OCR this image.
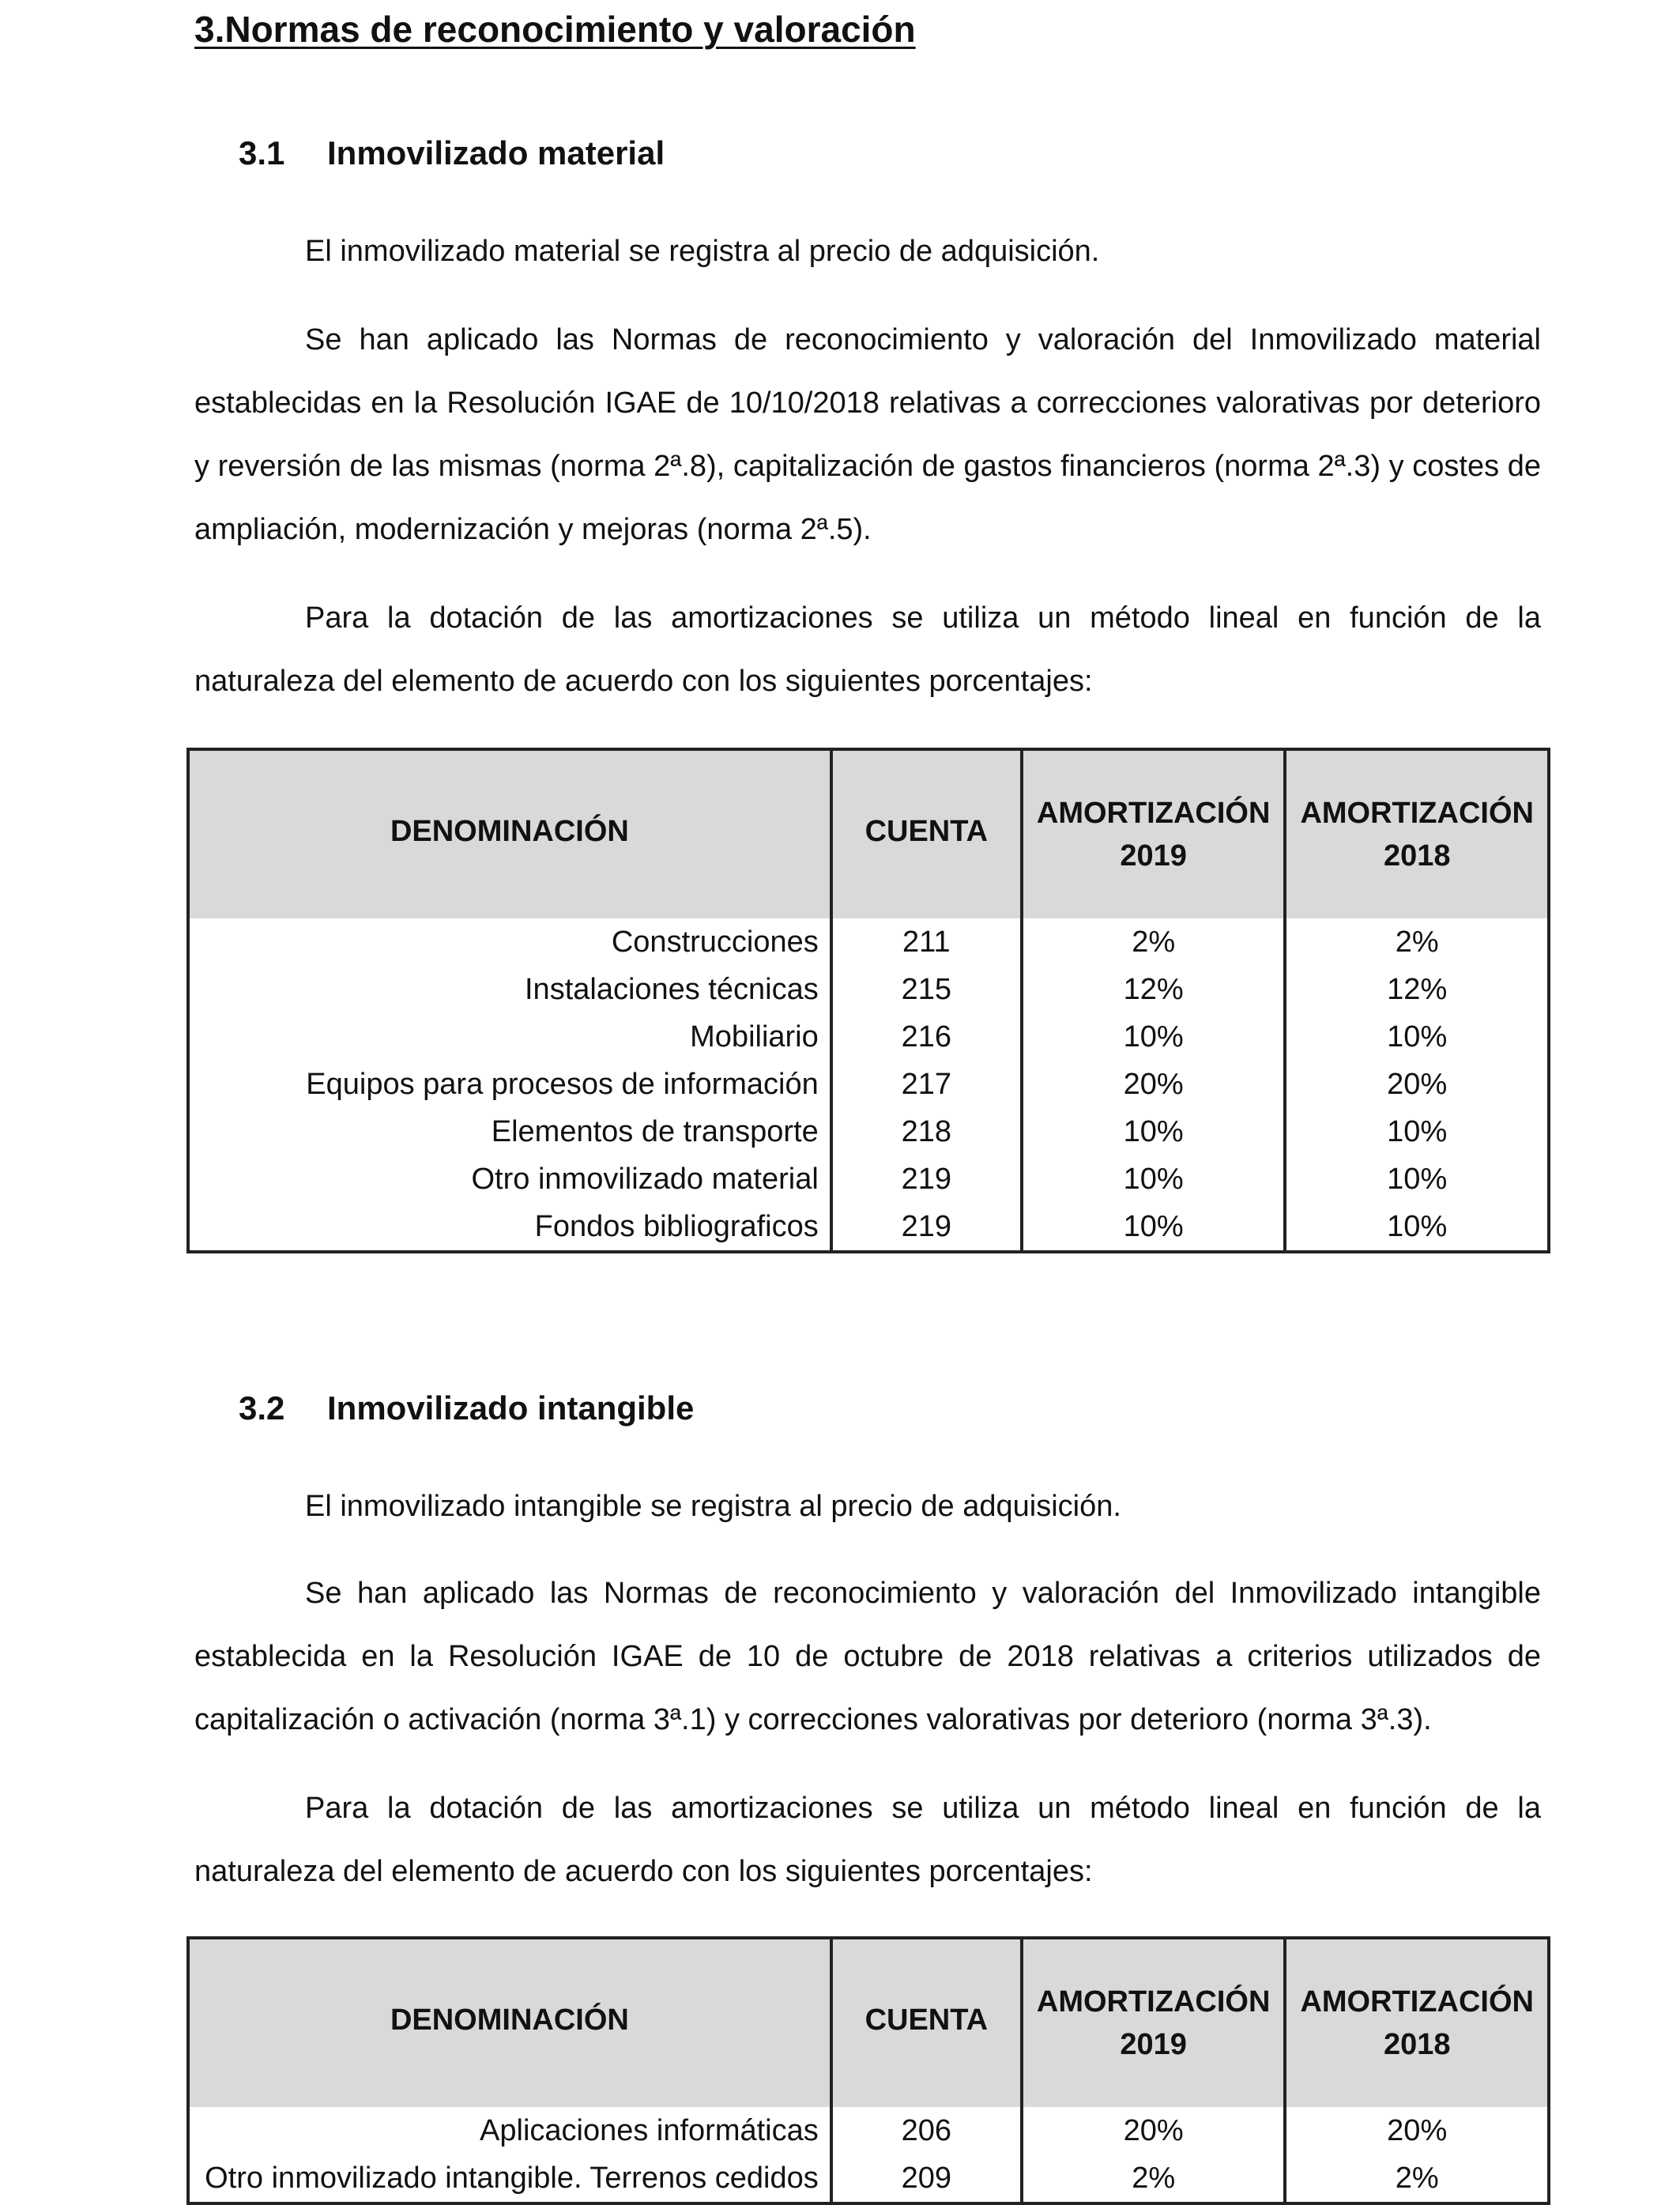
3.Normas de reconocimiento y valoración
3.1 Inmovilizado material
El inmovilizado material se registra al precio de adquisición.
Se han aplicado las Normas de reconocimiento y valoración del Inmovilizado material establecidas en la Resolución IGAE de 10/10/2018 relativas a correcciones valorativas por deterioro y reversión de las mismas (norma 2ª.8), capitalización de gastos financieros (norma 2ª.3) y costes de ampliación, modernización y mejoras (norma 2ª.5).
Para la dotación de las amortizaciones se utiliza un método lineal en función de la naturaleza del elemento de acuerdo con los siguientes porcentajes:
DENOMINACIÓN	CUENTA	AMORTIZACIÓN 2019	AMORTIZACIÓN 2018
Construcciones	211	2%	2%
Instalaciones técnicas	215	12%	12%
Mobiliario	216	10%	10%
Equipos para procesos de información	217	20%	20%
Elementos de transporte	218	10%	10%
Otro inmovilizado material	219	10%	10%
Fondos bibliograficos	219	10%	10%
3.2 Inmovilizado intangible
El inmovilizado intangible se registra al precio de adquisición.
Se han aplicado las Normas de reconocimiento y valoración del Inmovilizado intangible establecida en la Resolución IGAE de 10 de octubre de 2018 relativas a criterios utilizados de capitalización o activación (norma 3ª.1) y correcciones valorativas por deterioro (norma 3ª.3).
Para la dotación de las amortizaciones se utiliza un método lineal en función de la naturaleza del elemento de acuerdo con los siguientes porcentajes:
DENOMINACIÓN	CUENTA	AMORTIZACIÓN 2019	AMORTIZACIÓN 2018
Aplicaciones informáticas	206	20%	20%
Otro inmovilizado intangible. Terrenos cedidos	209	2%	2%
